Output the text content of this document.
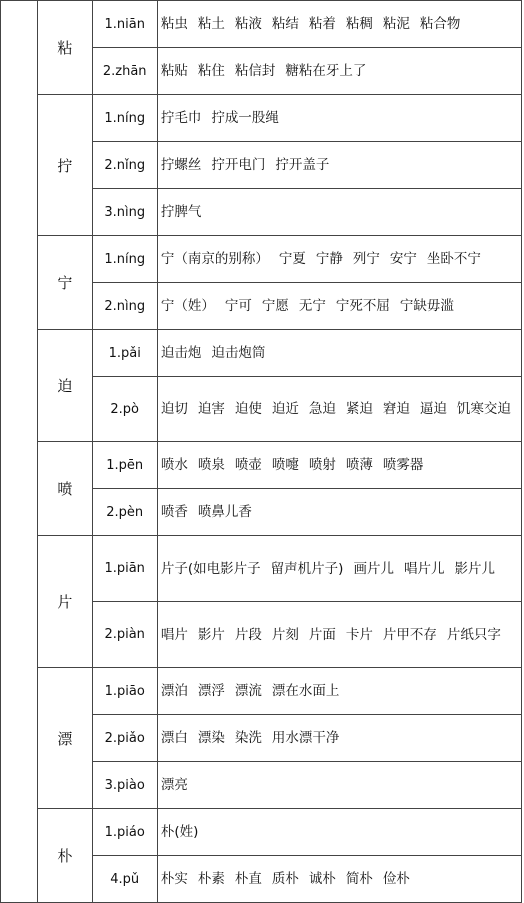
	粘	1.niān	粘虫 粘土 粘液 粘结 粘着 粘稠 粘泥 粘合物
		2.zhān	粘贴 粘住 粘信封 糖粘在牙上了
	拧	1.níng	拧毛巾 拧成一股绳
		2.nǐng	拧螺丝 拧开电门 拧开盖子
		3.nìng	拧脾气
	宁	1.níng	宁（南京的别称） 宁夏 宁静 列宁 安宁 坐卧不宁
		2.nìng	宁（姓） 宁可 宁愿 无宁 宁死不屈 宁缺毋滥
	迫	1.pǎi	迫击炮 迫击炮筒
		2.pò	迫切 迫害 迫使 迫近 急迫 紧迫 窘迫 逼迫 饥寒交迫
	喷	1.pēn	喷水 喷泉 喷壶 喷嚏 喷射 喷薄 喷雾器
		2.pèn	喷香 喷鼻儿香
	片	1.piān	片子(如电影片子 留声机片子) 画片儿 唱片儿 影片儿
		2.piàn	唱片 影片 片段 片刻 片面 卡片 片甲不存 片纸只字
	漂	1.piāo	漂泊 漂浮 漂流 漂在水面上
		2.piǎo	漂白 漂染 染洗 用水漂干净
		3.piào	漂亮
	朴	1.piáo	朴(姓)
		4.pǔ	朴实 朴素 朴直 质朴 诚朴 简朴 俭朴
